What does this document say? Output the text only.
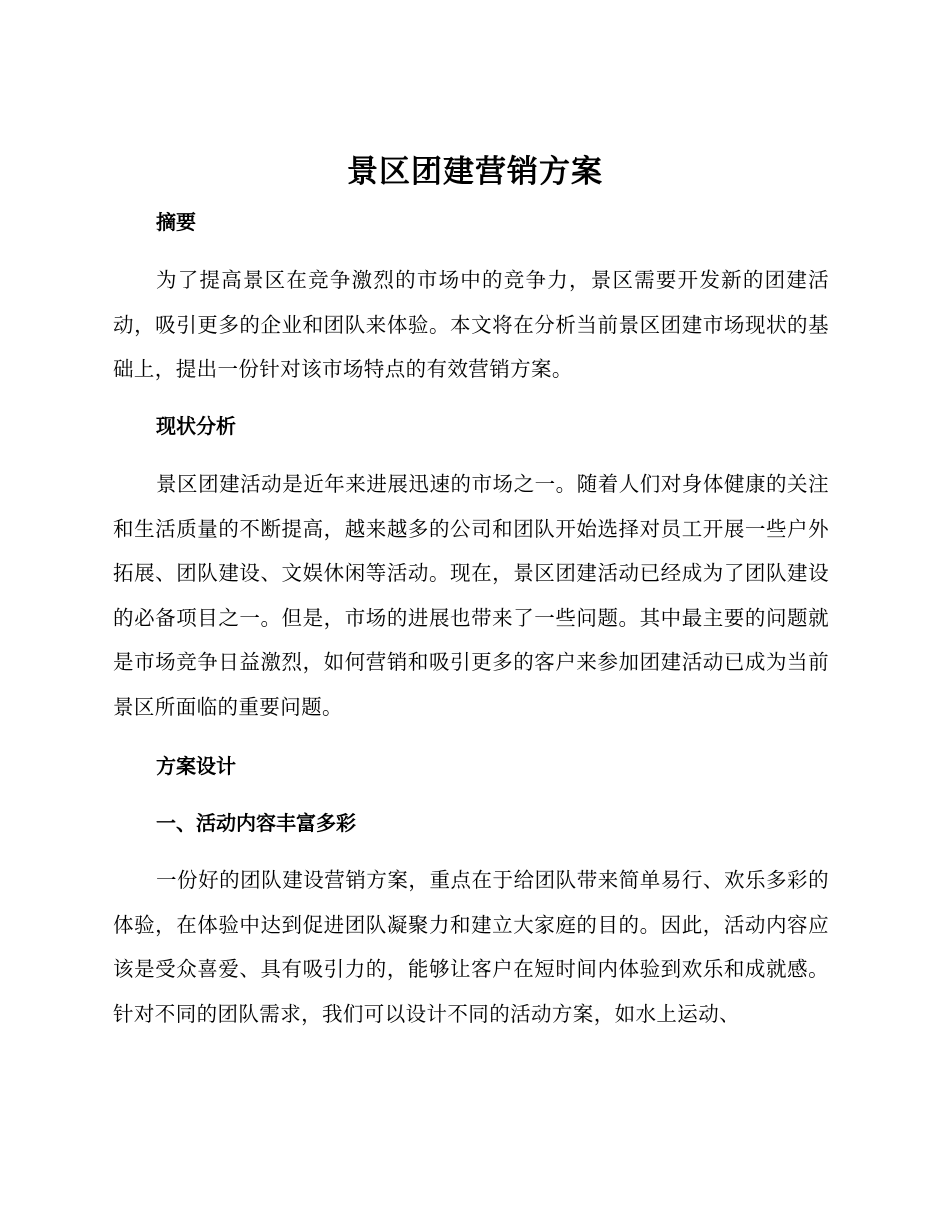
景区团建营销方案
摘要
为了提高景区在竞争激烈的市场中的竞争力，景区需要开发新的团建活动，吸引更多的企业和团队来体验。本文将在分析当前景区团建市场现状的基础上，提出一份针对该市场特点的有效营销方案。
现状分析
景区团建活动是近年来进展迅速的市场之一。随着人们对身体健康的关注和生活质量的不断提高，越来越多的公司和团队开始选择对员工开展一些户外拓展、团队建设、文娱休闲等活动。现在，景区团建活动已经成为了团队建设的必备项目之一。但是，市场的进展也带来了一些问题。其中最主要的问题就是市场竞争日益激烈，如何营销和吸引更多的客户来参加团建活动已成为当前景区所面临的重要问题。
方案设计
一、活动内容丰富多彩
一份好的团队建设营销方案，重点在于给团队带来简单易行、欢乐多彩的体验，在体验中达到促进团队凝聚力和建立大家庭的目的。因此，活动内容应该是受众喜爱、具有吸引力的，能够让客户在短时间内体验到欢乐和成就感。针对不同的团队需求，我们可以设计不同的活动方案，如水上运动、
